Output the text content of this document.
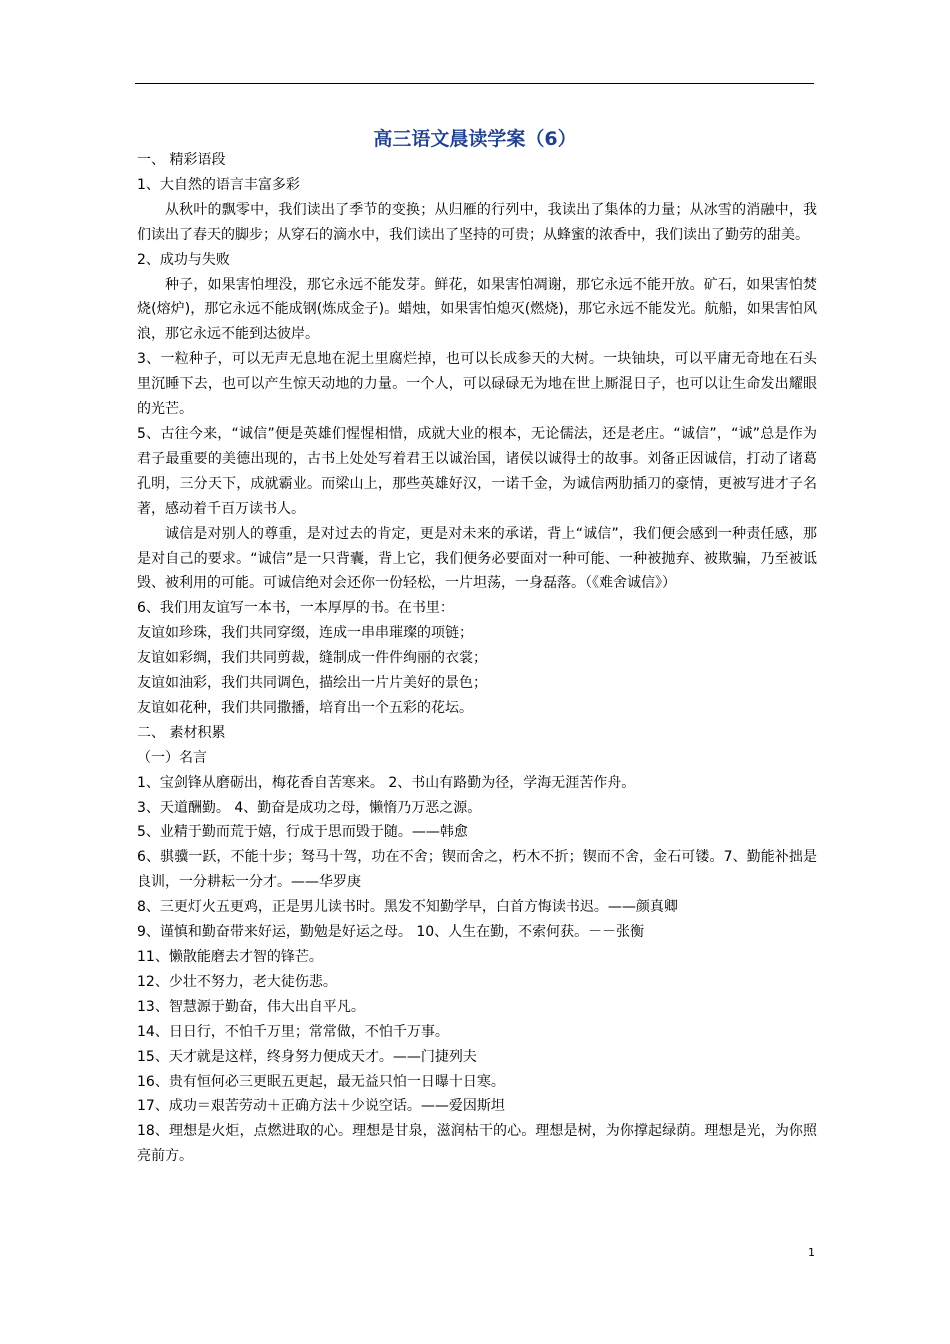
高三语文晨读学案（6）

一、 精彩语段

1、大自然的语言丰富多彩

从秋叶的飘零中，我们读出了季节的变换；从归雁的行列中，我读出了集体的力量；从冰雪的消融中，我们读出了春天的脚步；从穿石的滴水中，我们读出了坚持的可贵；从蜂蜜的浓香中，我们读出了勤劳的甜美。

2、成功与失败

种子，如果害怕埋没，那它永远不能发芽。鲜花，如果害怕凋谢，那它永远不能开放。矿石，如果害怕焚烧(熔炉)，那它永远不能成钢(炼成金子)。蜡烛，如果害怕熄灭(燃烧)，那它永远不能发光。航船，如果害怕风浪，那它永远不能到达彼岸。

3、一粒种子，可以无声无息地在泥土里腐烂掉，也可以长成参天的大树。一块铀块，可以平庸无奇地在石头里沉睡下去，也可以产生惊天动地的力量。一个人，可以碌碌无为地在世上厮混日子，也可以让生命发出耀眼的光芒。

5、古往今来，“诚信”便是英雄们惺惺相惜，成就大业的根本，无论儒法，还是老庄。“诚信”，“诚”总是作为君子最重要的美德出现的，古书上处处写着君王以诚治国，诸侯以诚得士的故事。刘备正因诚信，打动了诸葛孔明，三分天下，成就霸业。而梁山上，那些英雄好汉，一诺千金，为诚信两肋插刀的豪情，更被写进才子名著，感动着千百万读书人。

诚信是对别人的尊重，是对过去的肯定，更是对未来的承诺，背上“诚信”，我们便会感到一种责任感，那是对自己的要求。“诚信”是一只背囊，背上它，我们便务必要面对一种可能、一种被抛弃、被欺骗，乃至被诋毁、被利用的可能。可诚信绝对会还你一份轻松，一片坦荡，一身磊落。（《难舍诚信》）

6、我们用友谊写一本书，一本厚厚的书。在书里：

友谊如珍珠，我们共同穿缀，连成一串串璀璨的项链；

友谊如彩绸，我们共同剪裁，缝制成一件件绚丽的衣裳；

友谊如油彩，我们共同调色，描绘出一片片美好的景色；

友谊如花种，我们共同撒播，培育出一个五彩的花坛。

二、 素材积累

（一）名言

1、宝剑锋从磨砺出，梅花香自苦寒来。 2、书山有路勤为径，学海无涯苦作舟。

3、天道酬勤。 4、勤奋是成功之母，懒惰乃万恶之源。

5、业精于勤而荒于嬉，行成于思而毁于随。——韩愈

6、骐骥一跃，不能十步；驽马十驾，功在不舍；锲而舍之，朽木不折；锲而不舍，金石可镂。7、勤能补拙是良训，一分耕耘一分才。——华罗庚

8、三更灯火五更鸡，正是男儿读书时。黑发不知勤学早，白首方悔读书迟。——颜真卿

9、谨慎和勤奋带来好运，勤勉是好运之母。 10、人生在勤，不索何获。－－张衡

11、懒散能磨去才智的锋芒。

12、少壮不努力，老大徒伤悲。

13、智慧源于勤奋，伟大出自平凡。

14、日日行，不怕千万里；常常做，不怕千万事。

15、天才就是这样，终身努力便成天才。——门捷列夫

16、贵有恒何必三更眠五更起，最无益只怕一日曝十日寒。

17、成功＝艰苦劳动＋正确方法＋少说空话。——爱因斯坦

18、理想是火炬，点燃进取的心。理想是甘泉，滋润枯干的心。理想是树，为你撑起绿荫。理想是光，为你照亮前方。

1
